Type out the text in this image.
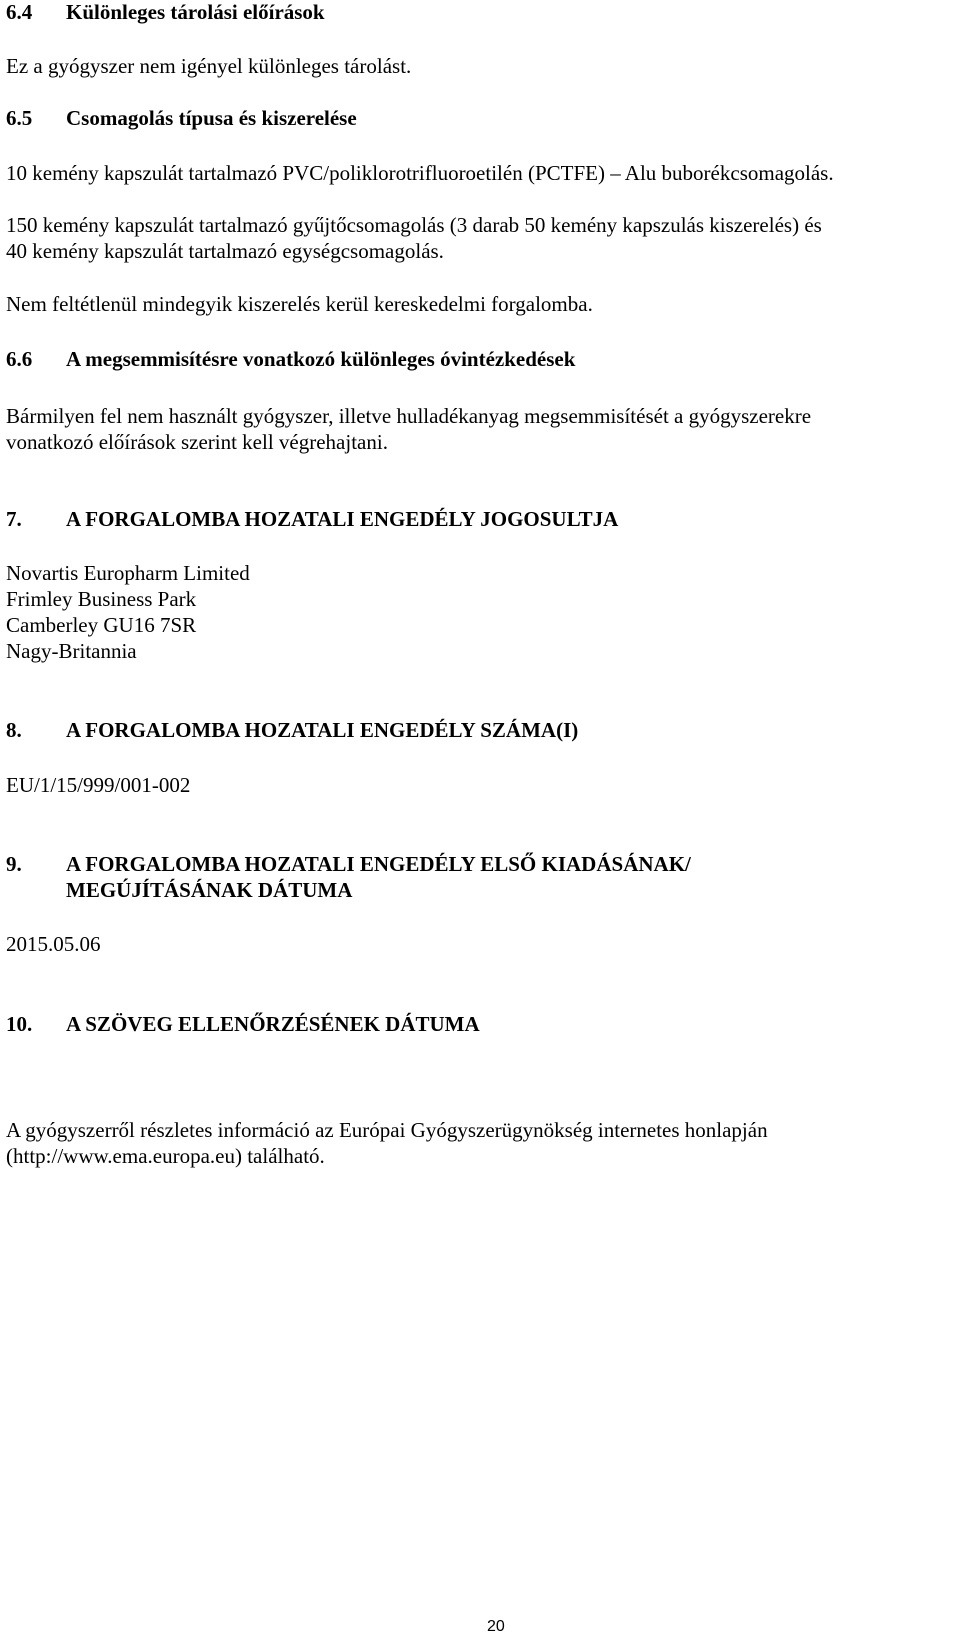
6.4 Különleges tárolási előírások
Ez a gyógyszer nem igényel különleges tárolást.
6.5 Csomagolás típusa és kiszerelése
10 kemény kapszulát tartalmazó PVC/poliklorotrifluoroetilén (PCTFE) – Alu buborékcsomagolás.
150 kemény kapszulát tartalmazó gyűjtőcsomagolás (3 darab 50 kemény kapszulás kiszerelés) és
40 kemény kapszulát tartalmazó egységcsomagolás.
Nem feltétlenül mindegyik kiszerelés kerül kereskedelmi forgalomba.
6.6 A megsemmisítésre vonatkozó különleges óvintézkedések
Bármilyen fel nem használt gyógyszer, illetve hulladékanyag megsemmisítését a gyógyszerekre
vonatkozó előírások szerint kell végrehajtani.
7. A FORGALOMBA HOZATALI ENGEDÉLY JOGOSULTJA
Novartis Europharm Limited
Frimley Business Park
Camberley GU16 7SR
Nagy-Britannia
8. A FORGALOMBA HOZATALI ENGEDÉLY SZÁMA(I)
EU/1/15/999/001-002
9. A FORGALOMBA HOZATALI ENGEDÉLY ELSŐ KIADÁSÁNAK/
MEGÚJÍTÁSÁNAK DÁTUMA
2015.05.06
10. A SZÖVEG ELLENŐRZÉSÉNEK DÁTUMA
A gyógyszerről részletes információ az Európai Gyógyszerügynökség internetes honlapján
(http://www.ema.europa.eu) található.
20
